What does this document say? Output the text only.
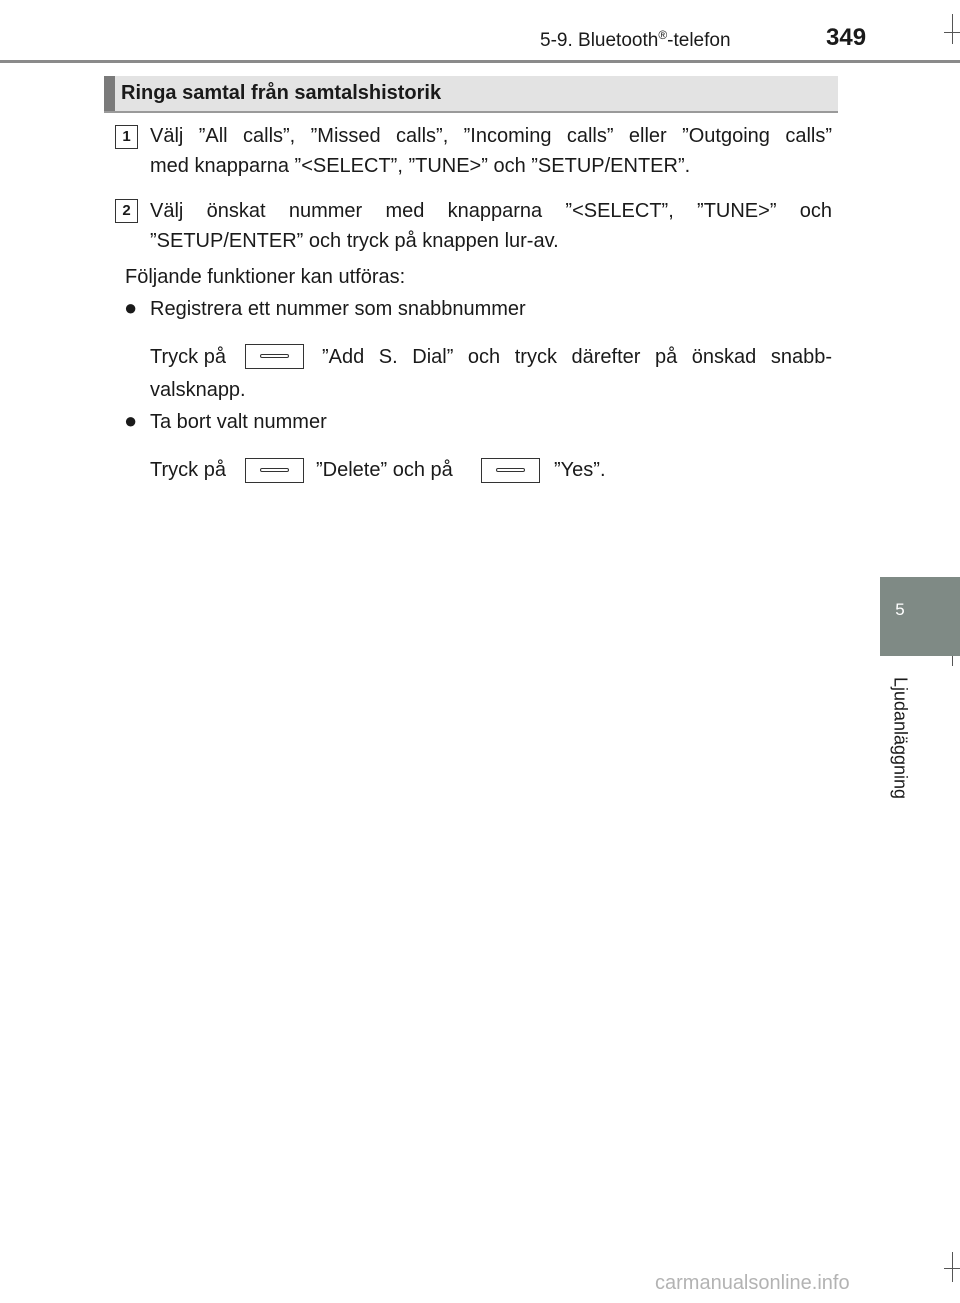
5-9. Bluetooth®-telefon	349
5
Ljudanläggning
Ringa samtal från samtalshistorik
1 Välj ”All calls”, ”Missed calls”, ”Incoming calls” eller ”Outgoing calls”
med knapparna ”<SELECT”, ”TUNE>” och ”SETUP/ENTER”.
2 Välj önskat nummer med knapparna ”<SELECT”, ”TUNE>” och
”SETUP/ENTER” och tryck på knappen lur-av.
Följande funktioner kan utföras:
● Registrera ett nummer som snabbnummer
Tryck på	”Add S. Dial” och tryck därefter på önskad snabb-
valsknapp.
● Ta bort valt nummer
Tryck på	”Delete” och på	”Yes”.
carmanualsonline.info
